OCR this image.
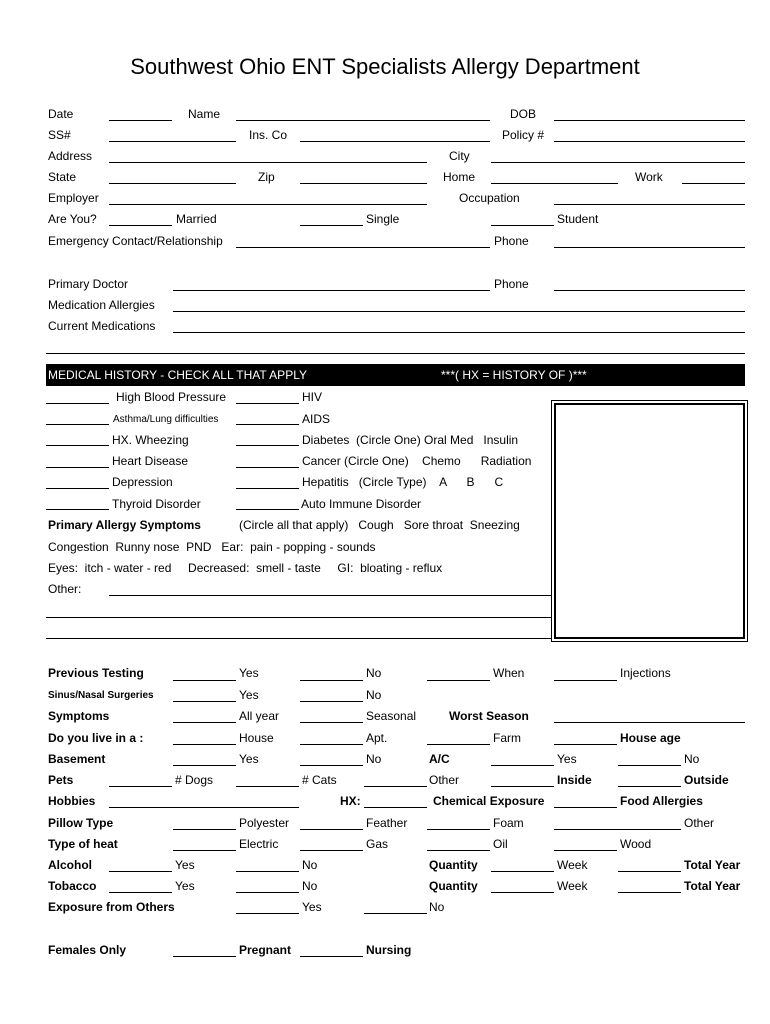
Southwest Ohio ENT Specialists Allergy Department
Date	Name	DOB
SS#	Ins. Co	Policy #
Address	City
State	Zip	Home	Work
Employer	Occupation
Are You?	Married	Single	Student
Emergency Contact/Relationship	Phone
Primary Doctor	Phone
Medication Allergies
Current Medications
MEDICAL HISTORY - CHECK ALL THAT APPLY	***( HX = HISTORY OF )***
High Blood Pressure
Asthma/Lung difficulties
HX. Wheezing
Heart Disease
Depression
Thyroid Disorder
HIV
AIDS
Diabetes  (Circle One) Oral Med   Insulin
Cancer (Circle One)    Chemo      Radiation
Hepatitis   (Circle Type)    A      B      C
Auto Immune Disorder
Primary Allergy Symptoms	(Circle all that apply)   Cough   Sore throat  Sneezing
Congestion  Runny nose  PND   Ear:  pain - popping - sounds
Eyes:  itch - water - red     Decreased:  smell - taste     GI:  bloating - reflux
Other:
Previous Testing	Yes	No	When	Injections
Sinus/Nasal Surgeries	Yes	No
Symptoms	All year	Seasonal	Worst Season
Do you live in a :	House	Apt.	Farm	House age
Basement	Yes	No	A/C	Yes	No
Pets	# Dogs	# Cats	Other	Inside	Outside
Hobbies	HX:	Chemical Exposure	Food Allergies
Pillow Type	Polyester	Feather	Foam	Other
Type of heat	Electric	Gas	Oil	Wood
Alcohol	Yes	No	Quantity	Week	Total Year
Tobacco	Yes	No	Quantity	Week	Total Year
Exposure from Others	Yes	No
Females Only	Pregnant	Nursing
